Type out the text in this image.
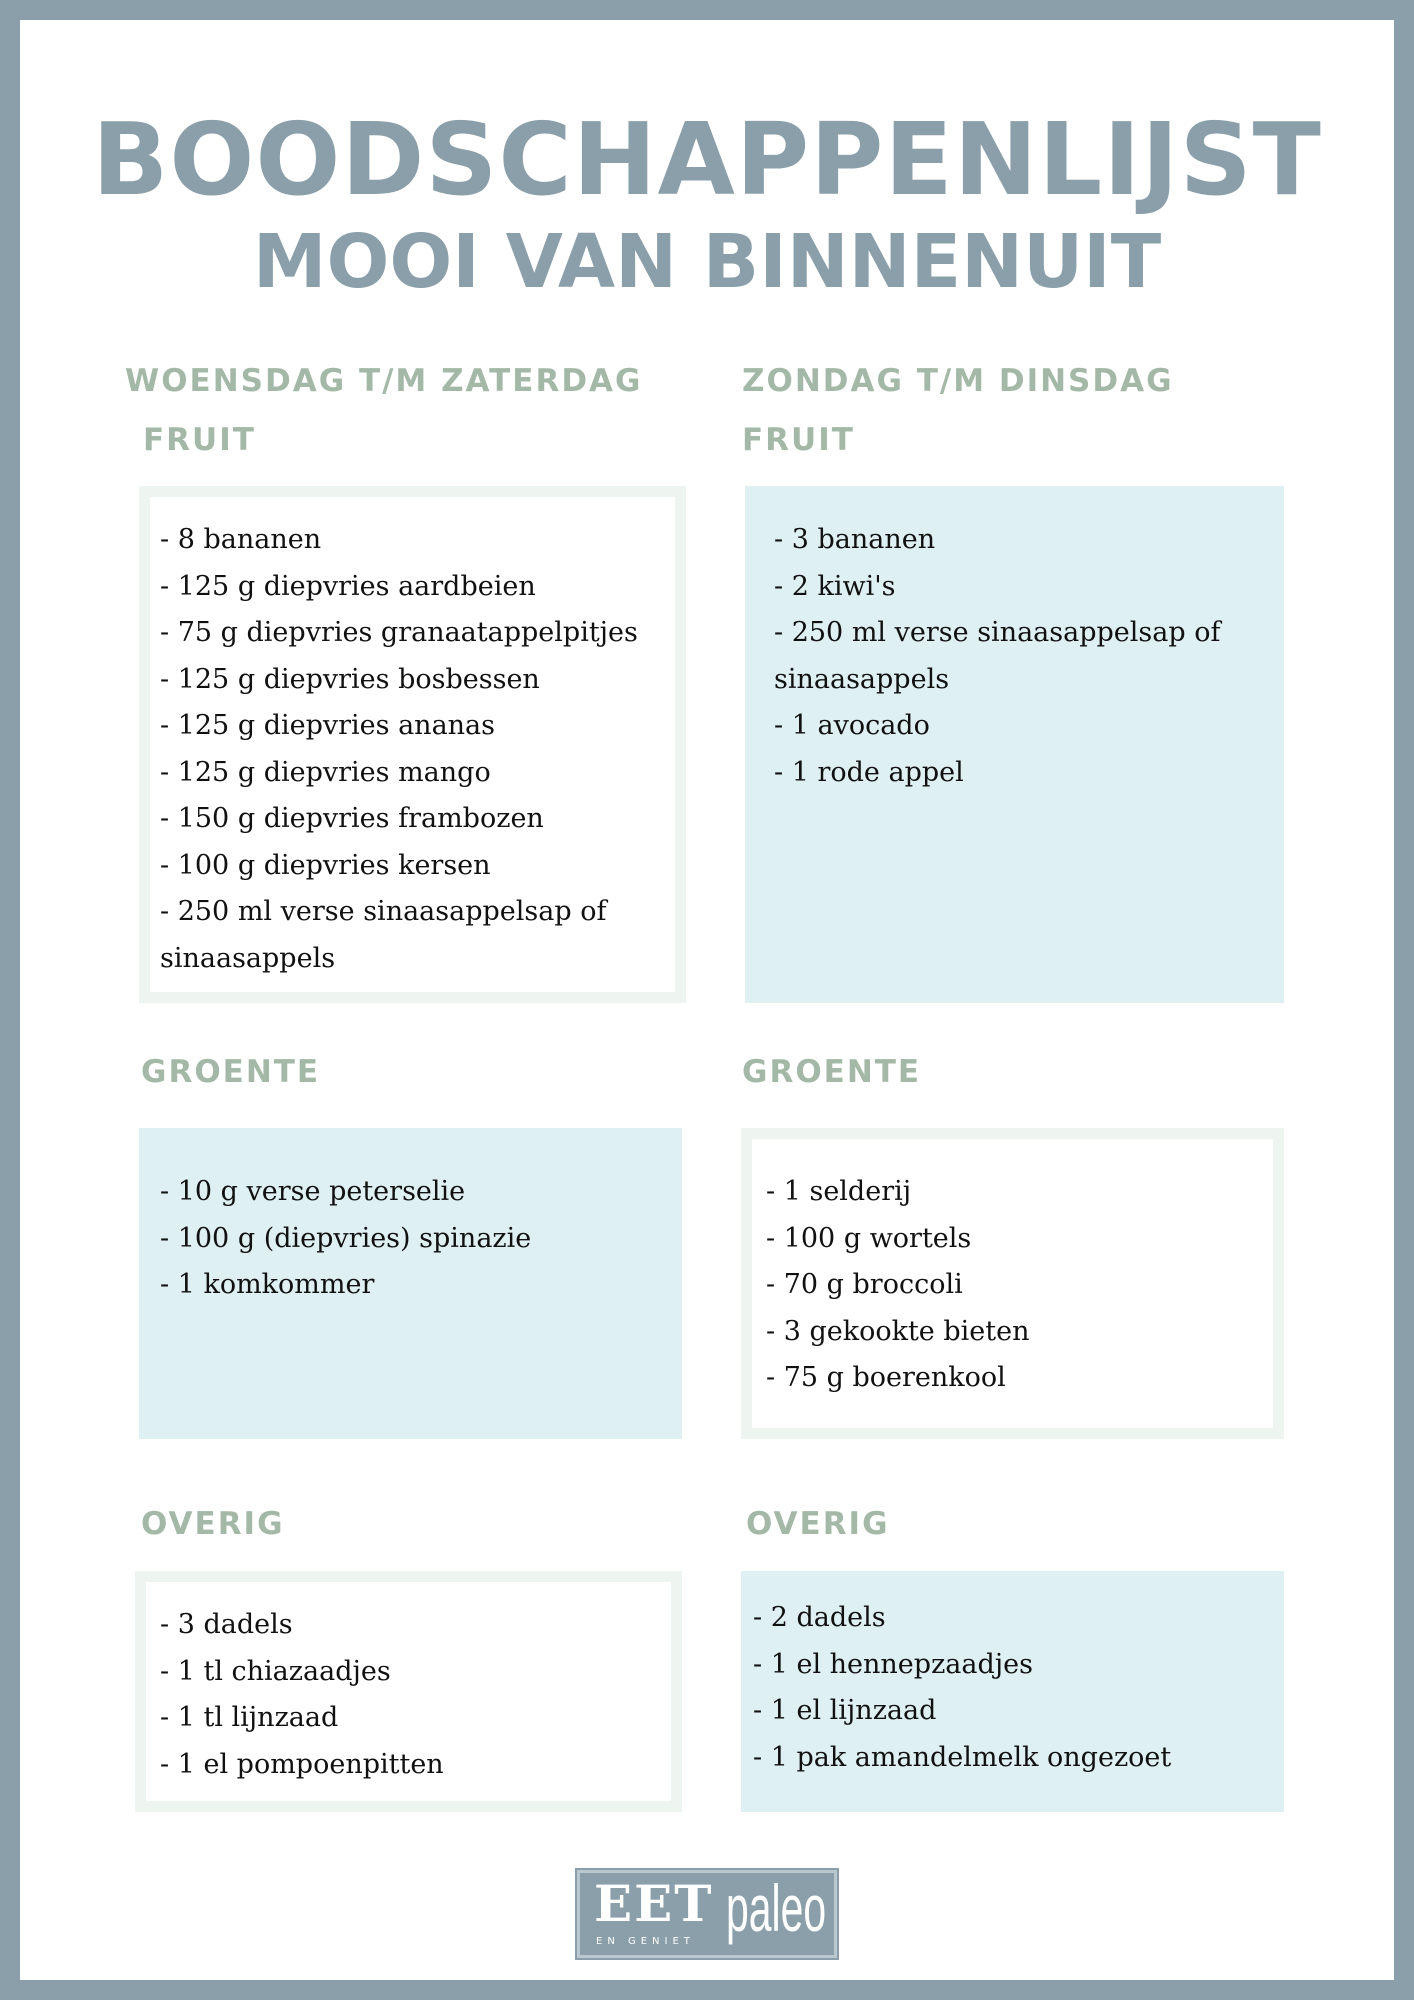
BOODSCHAPPENLIJST
MOOI VAN BINNENUIT
WOENSDAG T/M ZATERDAG
FRUIT
- 8 bananen
- 125 g diepvries aardbeien
- 75 g diepvries granaatappelpitjes
- 125 g diepvries bosbessen
- 125 g diepvries ananas
- 125 g diepvries mango
- 150 g diepvries frambozen
- 100 g diepvries kersen
- 250 ml verse sinaasappelsap of
sinaasappels
GROENTE
- 10 g verse peterselie
- 100 g (diepvries) spinazie
- 1 komkommer
OVERIG
- 3 dadels
- 1 tl chiazaadjes
- 1 tl lijnzaad
- 1 el pompoenpitten
ZONDAG T/M DINSDAG
FRUIT
- 3 bananen
- 2 kiwi's
- 250 ml verse sinaasappelsap of
sinaasappels
- 1 avocado
- 1 rode appel
GROENTE
- 1 selderij
- 100 g wortels
- 70 g broccoli
- 3 gekookte bieten
- 75 g boerenkool
OVERIG
- 2 dadels
- 1 el hennepzaadjes
- 1 el lijnzaad
- 1 pak amandelmelk ongezoet
EET paleo
EN GENIET
